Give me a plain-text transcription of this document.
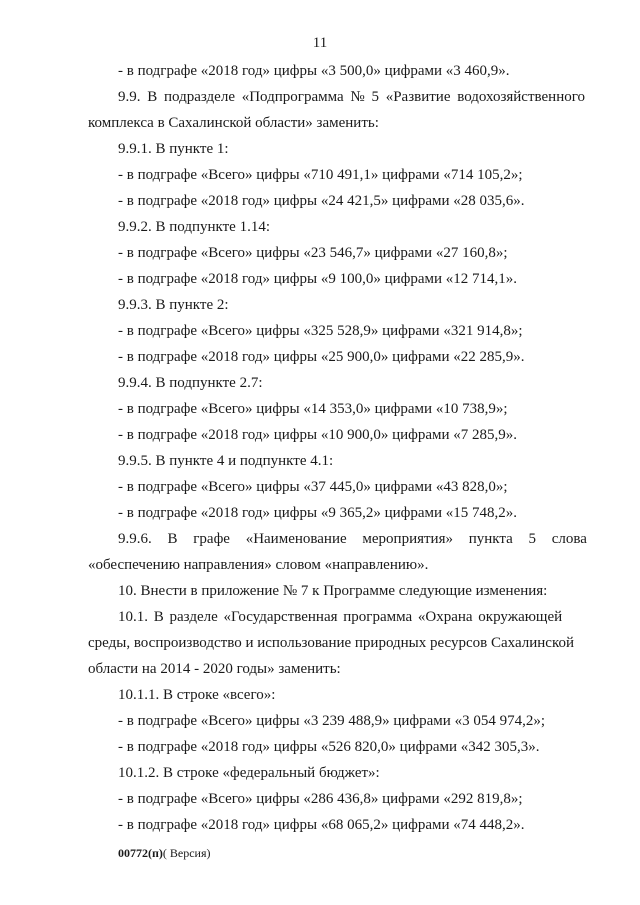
11
- в подграфе «2018 год» цифры «3 500,0» цифрами «3 460,9».
9.9. В подразделе «Подпрограмма № 5 «Развитие водохозяйственного
комплекса в Сахалинской области» заменить:
9.9.1. В пункте 1:
- в подграфе «Всего» цифры «710 491,1» цифрами «714 105,2»;
- в подграфе «2018 год» цифры «24 421,5» цифрами «28 035,6».
9.9.2. В подпункте 1.14:
- в подграфе «Всего» цифры «23 546,7» цифрами «27 160,8»;
- в подграфе «2018 год» цифры «9 100,0» цифрами «12 714,1».
9.9.3. В пункте 2:
- в подграфе «Всего» цифры «325 528,9» цифрами «321 914,8»;
- в подграфе «2018 год» цифры «25 900,0» цифрами «22 285,9».
9.9.4. В подпункте 2.7:
- в подграфе «Всего» цифры «14 353,0» цифрами «10 738,9»;
- в подграфе «2018 год» цифры «10 900,0» цифрами «7 285,9».
9.9.5. В пункте 4 и подпункте 4.1:
- в подграфе «Всего» цифры «37 445,0» цифрами «43 828,0»;
- в подграфе «2018 год» цифры «9 365,2» цифрами «15 748,2».
9.9.6. В графе «Наименование мероприятия» пункта 5 слова
«обеспечению направления» словом «направлению».
10. Внести в приложение № 7 к Программе следующие изменения:
10.1. В разделе «Государственная программа «Охрана окружающей
среды, воспроизводство и использование природных ресурсов Сахалинской
области на 2014 - 2020 годы» заменить:
10.1.1. В строке «всего»:
- в подграфе «Всего» цифры «3 239 488,9» цифрами «3 054 974,2»;
- в подграфе «2018 год» цифры «526 820,0» цифрами «342 305,3».
10.1.2. В строке «федеральный бюджет»:
- в подграфе «Всего» цифры «286 436,8» цифрами «292 819,8»;
- в подграфе «2018 год» цифры «68 065,2» цифрами «74 448,2».
00772(п)( Версия)
